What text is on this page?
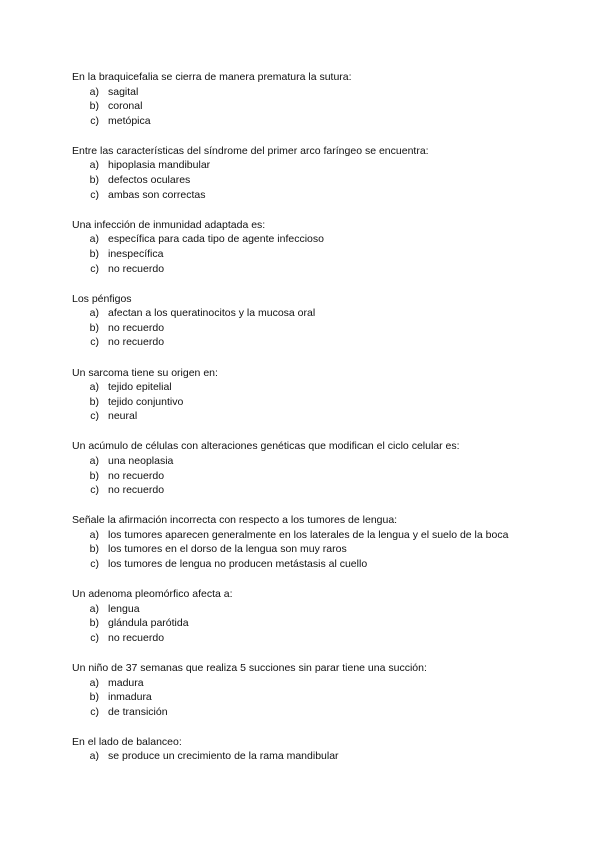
En la braquicefalia se cierra de manera prematura la sutura:
a) sagital
b) coronal
c) metópica
Entre las características del síndrome del primer arco faríngeo se encuentra:
a) hipoplasia mandibular
b) defectos oculares
c) ambas son correctas
Una infección de inmunidad adaptada es:
a) específica para cada tipo de agente infeccioso
b) inespecífica
c) no recuerdo
Los pénfigos
a) afectan a los queratinocitos y la mucosa oral
b) no recuerdo
c) no recuerdo
Un sarcoma tiene su origen en:
a) tejido epitelial
b) tejido conjuntivo
c) neural
Un acúmulo de células con alteraciones genéticas que modifican el ciclo celular es:
a) una neoplasia
b) no recuerdo
c) no recuerdo
Señale la afirmación incorrecta con respecto a los tumores de lengua:
a) los tumores aparecen generalmente en los laterales de la lengua y el suelo de la boca
b) los tumores en el dorso de la lengua son muy raros
c) los tumores de lengua no producen metástasis al cuello
Un adenoma pleomórfico afecta a:
a) lengua
b) glándula parótida
c) no recuerdo
Un niño de 37 semanas que realiza 5 succiones sin parar tiene una succión:
a) madura
b) inmadura
c) de transición
En el lado de balanceo:
a) se produce un crecimiento de la rama mandibular
